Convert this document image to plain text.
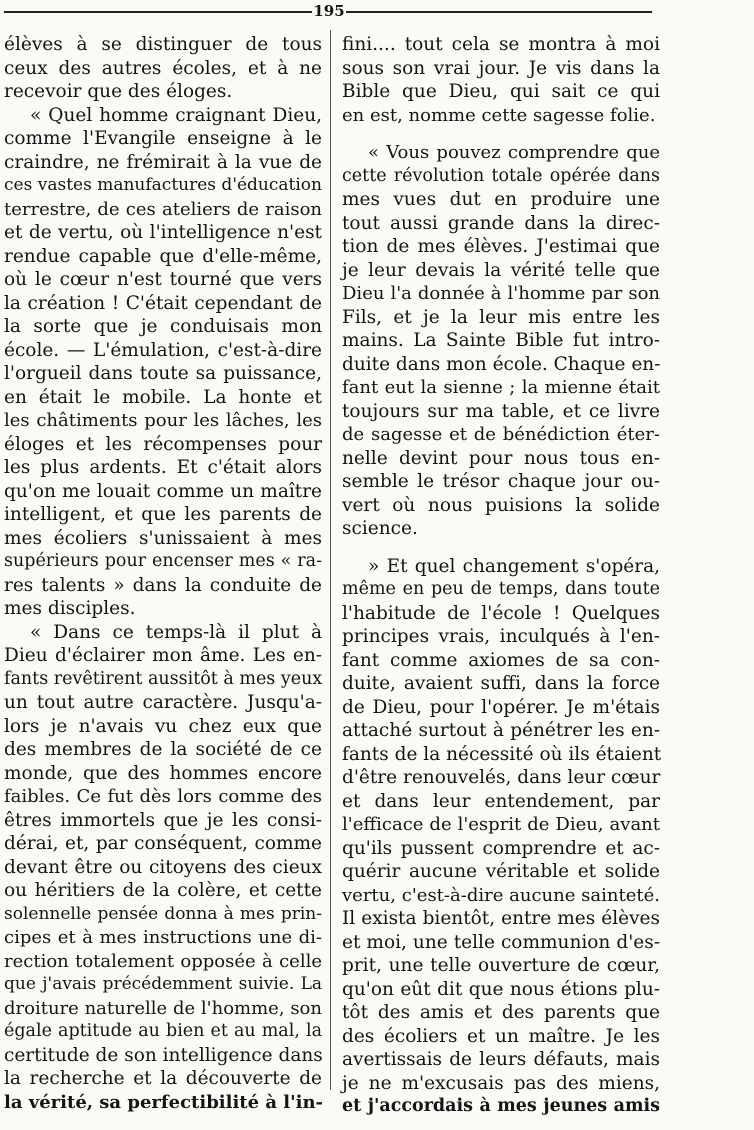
195
élèves à se distinguer de tous
ceux des autres écoles, et à ne
recevoir que des éloges.
« Quel homme craignant Dieu,
comme l'Evangile enseigne à le
craindre, ne frémirait à la vue de
ces vastes manufactures d'éducation
terrestre, de ces ateliers de raison
et de vertu, où l'intelligence n'est
rendue capable que d'elle-même,
où le cœur n'est tourné que vers
la création ! C'était cependant de
la sorte que je conduisais mon
école. — L'émulation, c'est-à-dire
l'orgueil dans toute sa puissance,
en était le mobile. La honte et
les châtiments pour les lâches, les
éloges et les récompenses pour
les plus ardents. Et c'était alors
qu'on me louait comme un maître
intelligent, et que les parents de
mes écoliers s'unissaient à mes
supérieurs pour encenser mes « ra-
res talents » dans la conduite de
mes disciples.
« Dans ce temps-là il plut à
Dieu d'éclairer mon âme. Les en-
fants revêtirent aussitôt à mes yeux
un tout autre caractère. Jusqu'a-
lors je n'avais vu chez eux que
des membres de la société de ce
monde, que des hommes encore
faibles. Ce fut dès lors comme des
êtres immortels que je les consi-
dérai, et, par conséquent, comme
devant être ou citoyens des cieux
ou héritiers de la colère, et cette
solennelle pensée donna à mes prin-
cipes et à mes instructions une di-
rection totalement opposée à celle
que j'avais précédemment suivie. La
droiture naturelle de l'homme, son
égale aptitude au bien et au mal, la
certitude de son intelligence dans
la recherche et la découverte de
la vérité, sa perfectibilité à l'in-
fini.... tout cela se montra à moi
sous son vrai jour. Je vis dans la
Bible que Dieu, qui sait ce qui
en est, nomme cette sagesse folie.
« Vous pouvez comprendre que
cette révolution totale opérée dans
mes vues dut en produire une
tout aussi grande dans la direc-
tion de mes élèves. J'estimai que
je leur devais la vérité telle que
Dieu l'a donnée à l'homme par son
Fils, et je la leur mis entre les
mains. La Sainte Bible fut intro-
duite dans mon école. Chaque en-
fant eut la sienne ; la mienne était
toujours sur ma table, et ce livre
de sagesse et de bénédiction éter-
nelle devint pour nous tous en-
semble le trésor chaque jour ou-
vert où nous puisions la solide
science.
» Et quel changement s'opéra,
même en peu de temps, dans toute
l'habitude de l'école ! Quelques
principes vrais, inculqués à l'en-
fant comme axiomes de sa con-
duite, avaient suffi, dans la force
de Dieu, pour l'opérer. Je m'étais
attaché surtout à pénétrer les en-
fants de la nécessité où ils étaient
d'être renouvelés, dans leur cœur
et dans leur entendement, par
l'efficace de l'esprit de Dieu, avant
qu'ils pussent comprendre et ac-
quérir aucune véritable et solide
vertu, c'est-à-dire aucune sainteté.
Il exista bientôt, entre mes élèves
et moi, une telle communion d'es-
prit, une telle ouverture de cœur,
qu'on eût dit que nous étions plu-
tôt des amis et des parents que
des écoliers et un maître. Je les
avertissais de leurs défauts, mais
je ne m'excusais pas des miens,
et j'accordais à mes jeunes amis
